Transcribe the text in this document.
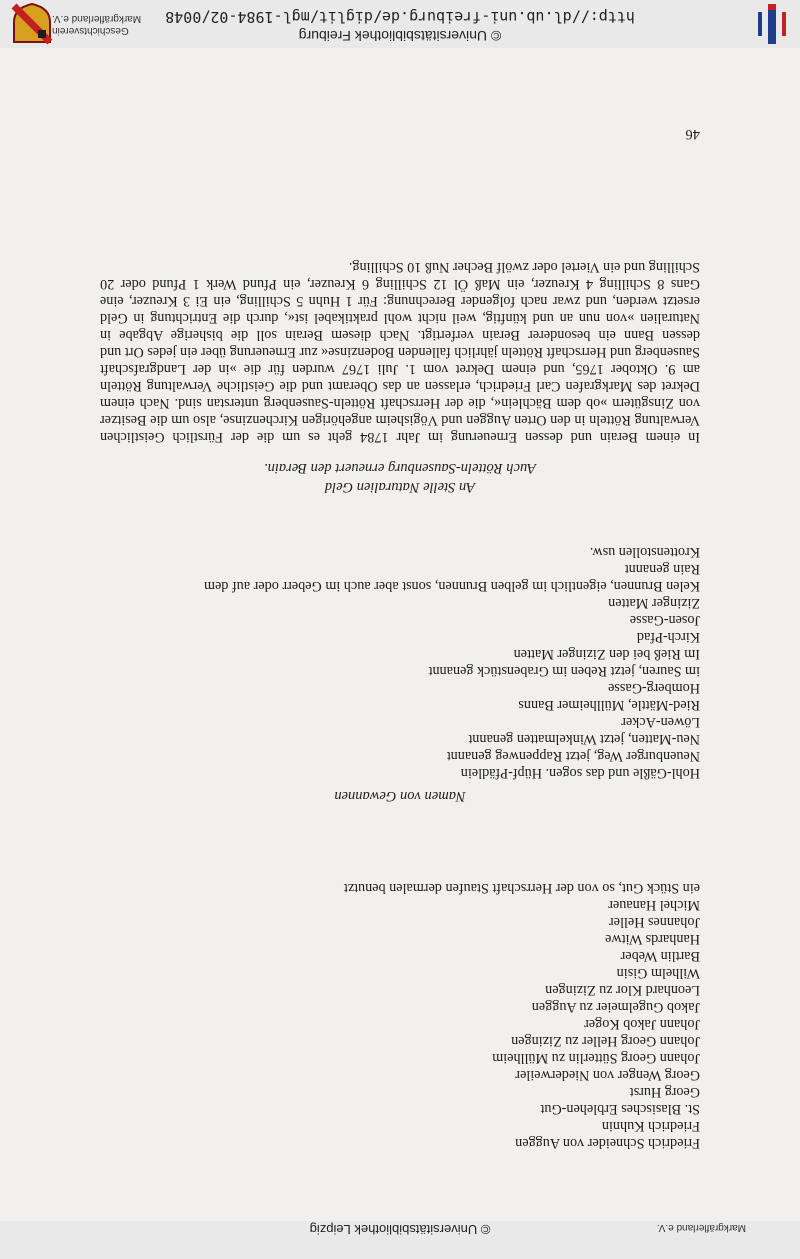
© Universitätsbibliothek Leipzig	Markgräflerland e.V.
Friedrich Schneider von Auggen
Friedrich Kuhnin
St. Blasisches Erblehen-Gut
Georg Hurst
Georg Wenger von Niederweiler
Johann Georg Sütterlin zu Müllheim
Johann Georg Heller zu Zizingen
Johann Jakob Koger
Jakob Gugelmeier zu Auggen
Leonhard Klor zu Zizingen
Wilhelm Gisin
Bartlin Weber
Hanhards Witwe
Johannes Heller
Michel Hanauer
ein Stück Gut, so von der Herrschaft Staufen dermalen benutzt
Namen von Gewannen
Hohl-Gäßle und das sogen. Hüpf-Pfädlein
Neuenburger Weg, jetzt Rappenweg genannt
Neu-Matten, jetzt Winkelmatten genannt
Löwen-Acker
Ried-Mättle, Müllheimer Banns
Homberg-Gasse
im Sauren, jetzt Reben im Grabenstück genannt
Im Rieß bei den Zizinger Matten
Kirch-Pfad
Josen-Gasse
Zizinger Matten
Kelen Brunnen, eigentlich im gelben Brunnen, sonst aber auch im Geberr oder auf dem
Rain genannt
Krottenstollen usw.
An Stelle Naturalien Geld
Auch Rötteln-Sausenburg erneuert den Berain.
In einem Berain und dessen Erneuerung im Jahr 1784 geht es um die der Fürstlich Geistlichen Verwaltung Rötteln in den Orten Auggen und Vögisheim angehörigen Kirchenzinse, also um die Besitzer von Zinsgütern »ob dem Bächlein«, die der Herrschaft Rötteln-Sausenberg unterstan sind. Nach einem Dekret des Markgrafen Carl Friedrich, erlassen an das Oberamt und die Geistliche Verwaltung Rötteln am 9. Oktober 1765, und einem Dekret vom 1. Juli 1767 wurden für die »in der Landgrafschaft Sausenberg und Herrschaft Rötteln jährlich fallenden Bodenzinse« zur Erneuerung über ein jedes Ort und dessen Bann ein besonderer Berain verfertigt. Nach diesem Berain soll die bisherige Abgabe in Naturalien »von nun an und künftig, weil nicht wohl praktikabel ist«, durch die Entrichtung in Geld ersetzt werden, und zwar nach folgender Berechnung: Für 1 Huhn 5 Schilling, ein Ei 3 Kreuzer, eine Gans 8 Schilling 4 Kreuzer, ein Maß Öl 12 Schilling 6 Kreuzer, ein Pfund Werk 1 Pfund oder 20 Schilling und ein Viertel oder zwölf Becher Nuß 10 Schilling.
46
© Universitätsbibliothek Freiburg
http://dl.ub.uni-freiburg.de/diglit/mgl-1984-02/0048
Geschichtsverein
Markgräflerland e.V.
